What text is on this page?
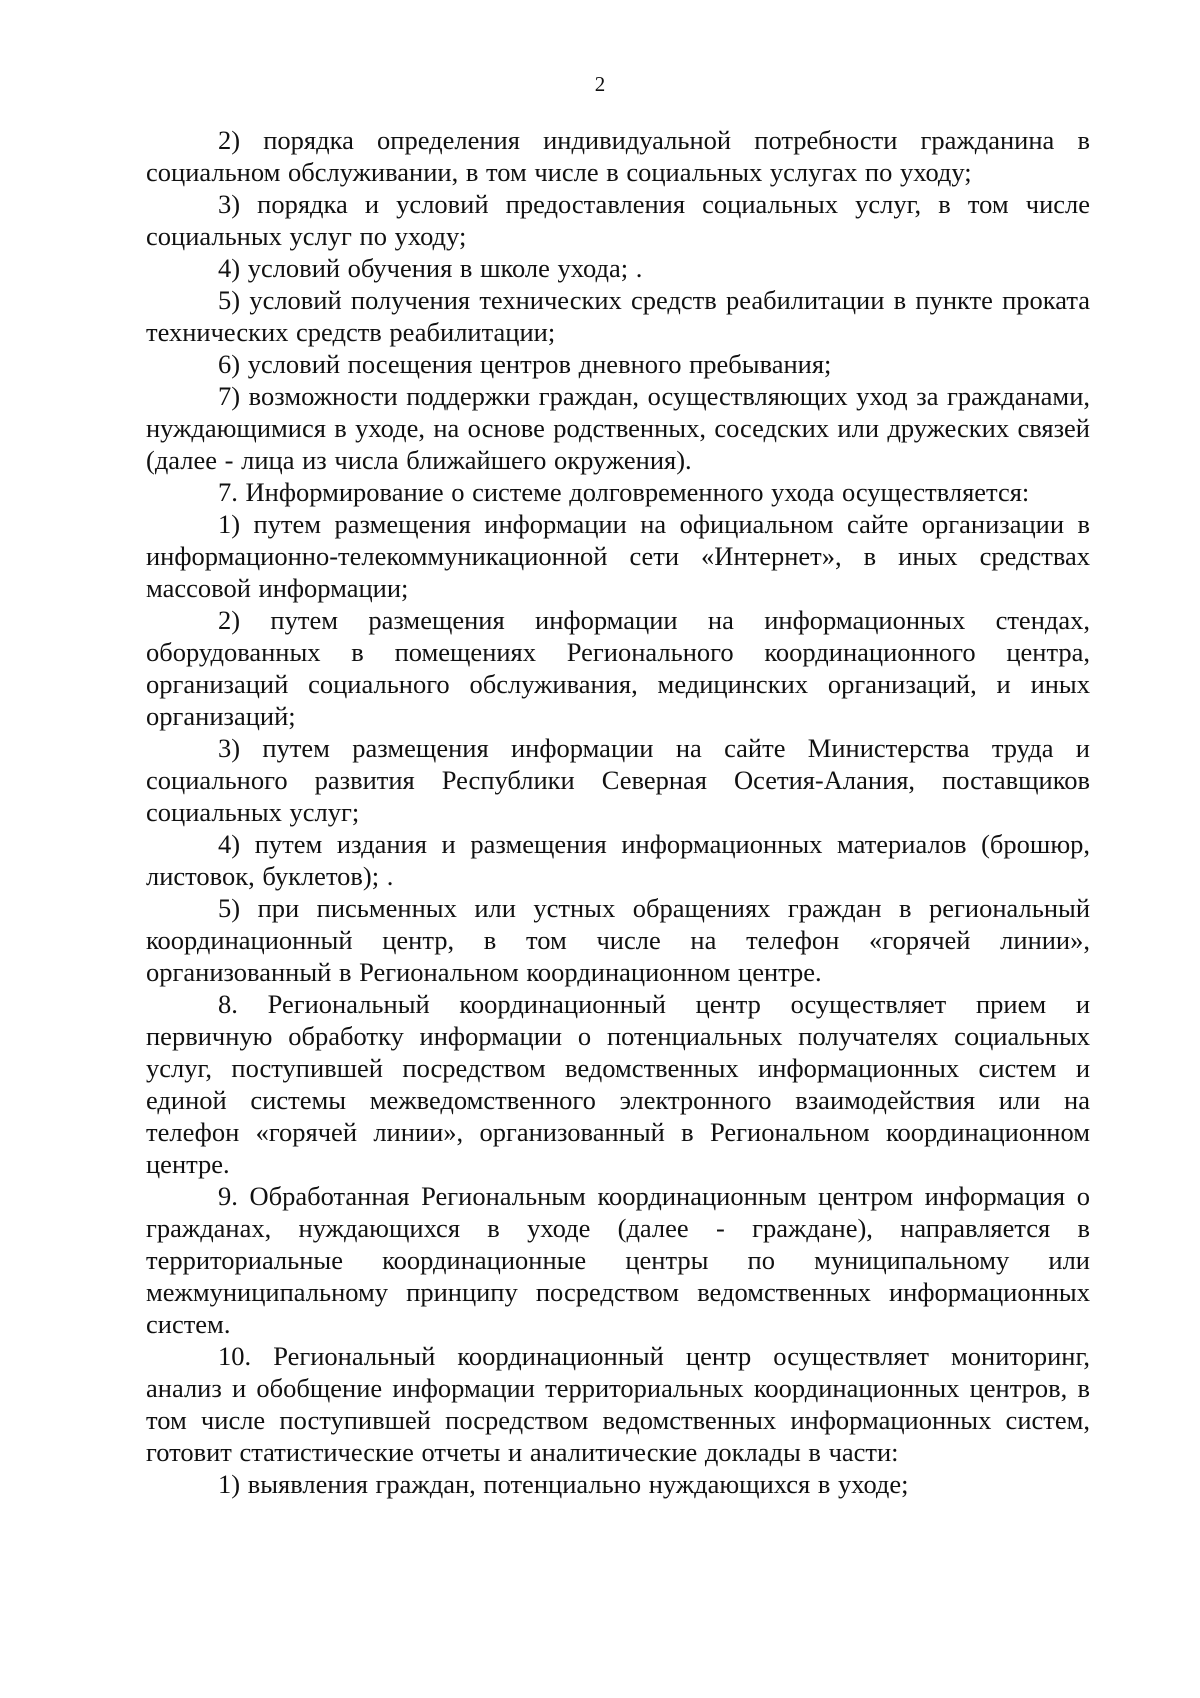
2

2) порядка определения индивидуальной потребности гражданина в социальном обслуживании, в том числе в социальных услугах по уходу;

3) порядка и условий предоставления социальных услуг, в том числе социальных услуг по уходу;

4) условий обучения в школе ухода; .

5) условий получения технических средств реабилитации в пункте проката технических средств реабилитации;

6) условий посещения центров дневного пребывания;

7) возможности поддержки граждан, осуществляющих уход за гражданами, нуждающимися в уходе, на основе родственных, соседских или дружеских связей (далее - лица из числа ближайшего окружения).

7. Информирование о системе долговременного ухода осуществляется:

1) путем размещения информации на официальном сайте организации в информационно-телекоммуникационной сети «Интернет», в иных средствах массовой информации;

2) путем размещения информации на информационных стендах, оборудованных в помещениях Регионального координационного центра, организаций социального обслуживания, медицинских организаций, и иных организаций;

3) путем размещения информации на сайте Министерства труда и социального развития Республики Северная Осетия-Алания, поставщиков социальных услуг;

4) путем издания и размещения информационных материалов (брошюр, листовок, буклетов); .

5) при письменных или устных обращениях граждан в региональный координационный центр, в том числе на телефон «горячей линии», организованный в Региональном координационном центре.

8. Региональный координационный центр осуществляет прием и первичную обработку информации о потенциальных получателях социальных услуг, поступившей посредством ведомственных информационных систем и единой системы межведомственного электронного взаимодействия или на телефон «горячей линии», организованный в Региональном координационном центре.

9. Обработанная Региональным координационным центром информация о гражданах, нуждающихся в уходе (далее - граждане), направляется в территориальные координационные центры по муниципальному или межмуниципальному принципу посредством ведомственных информационных систем.

10. Региональный координационный центр осуществляет мониторинг, анализ и обобщение информации территориальных координационных центров, в том числе поступившей посредством ведомственных информационных систем, готовит статистические отчеты и аналитические доклады в части:

1) выявления граждан, потенциально нуждающихся в уходе;
